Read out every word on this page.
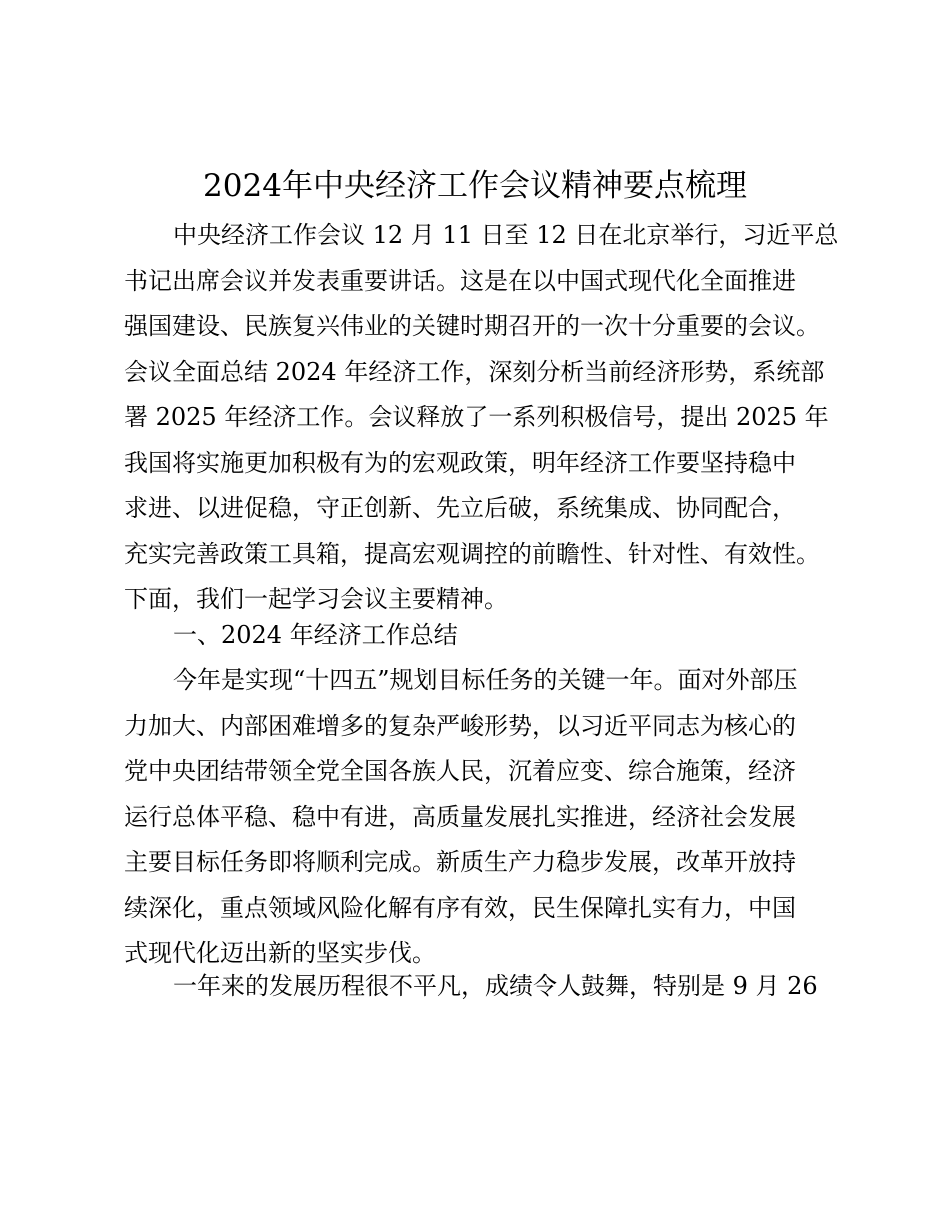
2024年中央经济工作会议精神要点梳理
中央经济工作会议 12 月 11 日至 12 日在北京举行，习近平总
书记出席会议并发表重要讲话。这是在以中国式现代化全面推进
强国建设、民族复兴伟业的关键时期召开的一次十分重要的会议。
会议全面总结 2024 年经济工作，深刻分析当前经济形势，系统部
署 2025 年经济工作。会议释放了一系列积极信号，提出 2025 年
我国将实施更加积极有为的宏观政策，明年经济工作要坚持稳中
求进、以进促稳，守正创新、先立后破，系统集成、协同配合，
充实完善政策工具箱，提高宏观调控的前瞻性、针对性、有效性。
下面，我们一起学习会议主要精神。
一、2024 年经济工作总结
今年是实现“十四五”规划目标任务的关键一年。面对外部压
力加大、内部困难增多的复杂严峻形势，以习近平同志为核心的
党中央团结带领全党全国各族人民，沉着应变、综合施策，经济
运行总体平稳、稳中有进，高质量发展扎实推进，经济社会发展
主要目标任务即将顺利完成。新质生产力稳步发展，改革开放持
续深化，重点领域风险化解有序有效，民生保障扎实有力，中国
式现代化迈出新的坚实步伐。
一年来的发展历程很不平凡，成绩令人鼓舞，特别是 9 月 26
